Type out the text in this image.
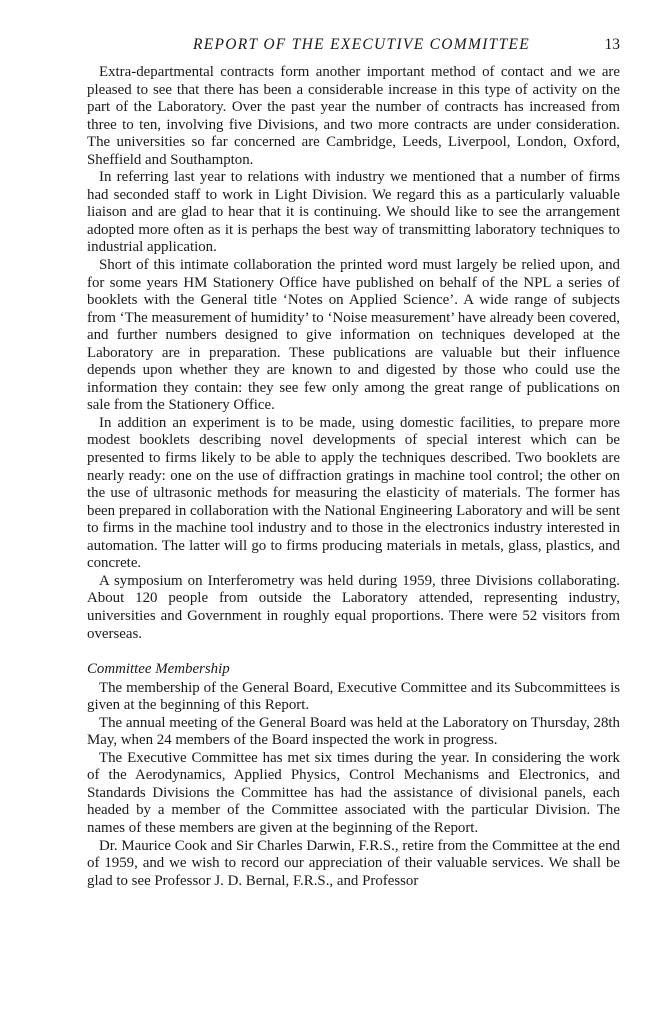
REPORT OF THE EXECUTIVE COMMITTEE	13

Extra-departmental contracts form another important method of contact and we are pleased to see that there has been a considerable increase in this type of activity on the part of the Laboratory. Over the past year the number of contracts has increased from three to ten, involving five Divisions, and two more contracts are under consideration. The universities so far concerned are Cambridge, Leeds, Liverpool, London, Oxford, Sheffield and Southampton.

In referring last year to relations with industry we mentioned that a number of firms had seconded staff to work in Light Division. We regard this as a particularly valuable liaison and are glad to hear that it is continuing. We should like to see the arrangement adopted more often as it is perhaps the best way of transmitting laboratory techniques to industrial application.

Short of this intimate collaboration the printed word must largely be relied upon, and for some years HM Stationery Office have published on behalf of the NPL a series of booklets with the General title ‘Notes on Applied Science’. A wide range of subjects from ‘The measurement of humidity’ to ‘Noise measurement’ have already been covered, and further numbers designed to give information on techniques developed at the Laboratory are in preparation. These publications are valuable but their influence depends upon whether they are known to and digested by those who could use the information they contain: they see few only among the great range of publications on sale from the Stationery Office.

In addition an experiment is to be made, using domestic facilities, to prepare more modest booklets describing novel developments of special interest which can be presented to firms likely to be able to apply the techniques described. Two booklets are nearly ready: one on the use of diffraction gratings in machine tool control; the other on the use of ultrasonic methods for measuring the elasticity of materials. The former has been prepared in collaboration with the National Engineering Laboratory and will be sent to firms in the machine tool industry and to those in the electronics industry interested in automation. The latter will go to firms producing materials in metals, glass, plastics, and concrete.

A symposium on Interferometry was held during 1959, three Divisions collaborating. About 120 people from outside the Laboratory attended, representing industry, universities and Government in roughly equal proportions. There were 52 visitors from overseas.

Committee Membership

The membership of the General Board, Executive Committee and its Subcommittees is given at the beginning of this Report.

The annual meeting of the General Board was held at the Laboratory on Thursday, 28th May, when 24 members of the Board inspected the work in progress.

The Executive Committee has met six times during the year. In considering the work of the Aerodynamics, Applied Physics, Control Mechanisms and Electronics, and Standards Divisions the Committee has had the assistance of divisional panels, each headed by a member of the Committee associated with the particular Division. The names of these members are given at the beginning of the Report.

Dr. Maurice Cook and Sir Charles Darwin, F.R.S., retire from the Committee at the end of 1959, and we wish to record our appreciation of their valuable services. We shall be glad to see Professor J. D. Bernal, F.R.S., and Professor
